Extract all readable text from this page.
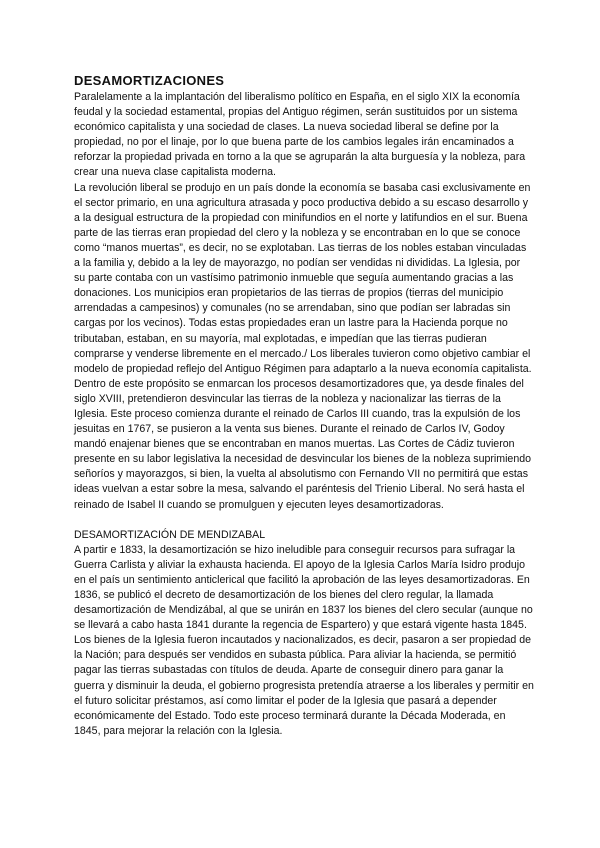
DESAMORTIZACIONES

Paralelamente a la implantación del liberalismo político en España, en el siglo XIX la economía feudal y la sociedad estamental, propias del Antiguo régimen, serán sustituidos por un sistema económico capitalista y una sociedad de clases. La nueva sociedad liberal se define por la propiedad, no por el linaje, por lo que buena parte de los cambios legales irán encaminados a reforzar la propiedad privada en torno a la que se agruparán la alta burguesía y la nobleza, para crear una nueva clase capitalista moderna.

La revolución liberal se produjo en un país donde la economía se basaba casi exclusivamente en el sector primario, en una agricultura atrasada y poco productiva debido a su escaso desarrollo y a la desigual estructura de la propiedad con minifundios en el norte y latifundios en el sur. Buena parte de las tierras eran propiedad del clero y la nobleza y se encontraban en lo que se conoce como “manos muertas”, es decir, no se explotaban. Las tierras de los nobles estaban vinculadas a la familia y, debido a la ley de mayorazgo, no podían ser vendidas ni divididas. La Iglesia, por su parte contaba con un vastísimo patrimonio inmueble que seguía aumentando gracias a las donaciones. Los municipios eran propietarios de las tierras de propios (tierras del municipio arrendadas a campesinos) y comunales (no se arrendaban, sino que podían ser labradas sin cargas por los vecinos). Todas estas propiedades eran un lastre para la Hacienda porque no tributaban, estaban, en su mayoría, mal explotadas, e impedían que las tierras pudieran comprarse y venderse libremente en el mercado./ Los liberales tuvieron como objetivo cambiar el modelo de propiedad reflejo del Antiguo Régimen para adaptarlo a la nueva economía capitalista.

Dentro de este propósito se enmarcan los procesos desamortizadores que, ya desde finales del siglo XVIII, pretendieron desvincular las tierras de la nobleza y nacionalizar las tierras de la Iglesia. Este proceso comienza durante el reinado de Carlos III cuando, tras la expulsión de los jesuitas en 1767, se pusieron a la venta sus bienes. Durante el reinado de Carlos IV, Godoy mandó enajenar bienes que se encontraban en manos muertas. Las Cortes de Cádiz tuvieron presente en su labor legislativa la necesidad de desvincular los bienes de la nobleza suprimiendo señoríos y mayorazgos, si bien, la vuelta al absolutismo con Fernando VII no permitirá que estas ideas vuelvan a estar sobre la mesa, salvando el paréntesis del Trienio Liberal. No será hasta el reinado de Isabel II cuando se promulguen y ejecuten leyes desamortizadoras.

DESAMORTIZACIÓN DE MENDIZABAL

A partir e 1833, la desamortización se hizo ineludible para conseguir recursos para sufragar la Guerra Carlista y aliviar la exhausta hacienda. El apoyo de la Iglesia Carlos María Isidro produjo en el país un sentimiento anticlerical que facilitó la aprobación de las leyes desamortizadoras. En 1836, se publicó el decreto de desamortización de los bienes del clero regular, la llamada desamortización de Mendizábal, al que se unirán en 1837 los bienes del clero secular (aunque no se llevará a cabo hasta 1841 durante la regencia de Espartero) y que estará vigente hasta 1845. Los bienes de la Iglesia fueron incautados y nacionalizados, es decir, pasaron a ser propiedad de la Nación; para después ser vendidos en subasta pública. Para aliviar la hacienda, se permitió pagar las tierras subastadas con títulos de deuda. Aparte de conseguir dinero para ganar la guerra y disminuir la deuda, el gobierno progresista pretendía atraerse a los liberales y permitir en el futuro solicitar préstamos, así como limitar el poder de la Iglesia que pasará a depender económicamente del Estado. Todo este proceso terminará durante la Década Moderada, en 1845, para mejorar la relación con la Iglesia.
